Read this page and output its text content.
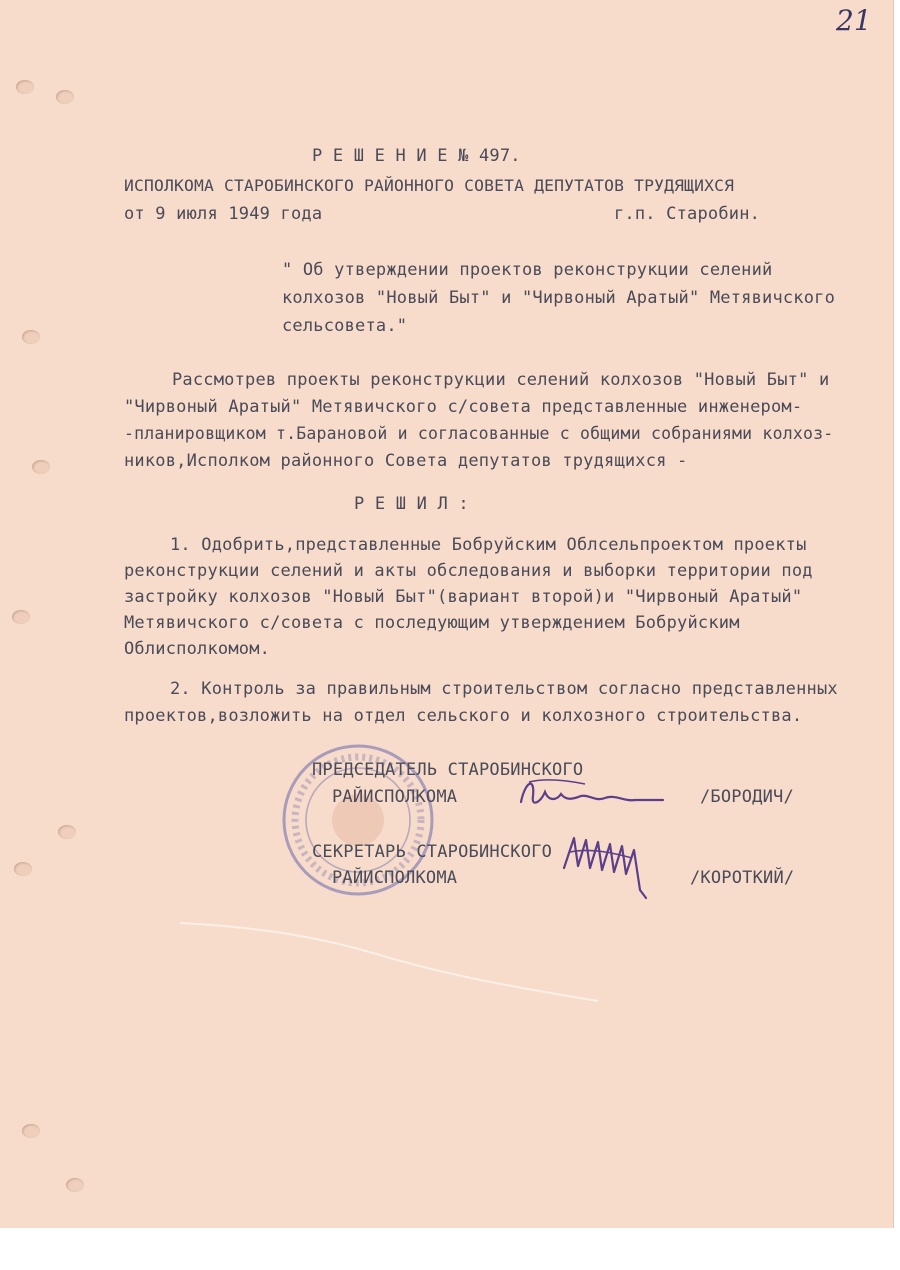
21

Р Е Ш Е Н И Е № 497.

ИСПОЛКОМА СТАРОБИНСКОГО РАЙОННОГО СОВЕТА ДЕПУТАТОВ ТРУДЯЩИХСЯ

от 9 июля 1949 года	г.п. Старобин.

" Об утверждении проектов реконструкции селений

колхозов "Новый Быт" и "Чирвоный Аратый" Метявичского

сельсовета."

Рассмотрев проекты реконструкции селений колхозов "Новый Быт" и

"Чирвоный Аратый" Метявичского с/совета представленные инженером-

-планировщиком т.Барановой и согласованные с общими собраниями колхоз-

ников,Исполком районного Совета депутатов трудящихся -

Р Е Ш И Л :

1. Одобрить,представленные Бобруйским Облсельпроектом проекты

реконструкции селений и акты обследования и выборки территории под

застройку колхозов "Новый Быт"(вариант второй)и "Чирвоный Аратый"

Метявичского с/совета с последующим утверждением Бобруйским

Облисполкомом.

2. Контроль за правильным строительством согласно представленных

проектов,возложить на отдел сельского и колхозного строительства.

ПРЕДСЕДАТЕЛЬ СТАРОБИНСКОГО

РАЙИСПОЛКОМА	/БОРОДИЧ/

СЕКРЕТАРЬ СТАРОБИНСКОГО

РАЙИСПОЛКОМА	/КОРОТКИЙ/
